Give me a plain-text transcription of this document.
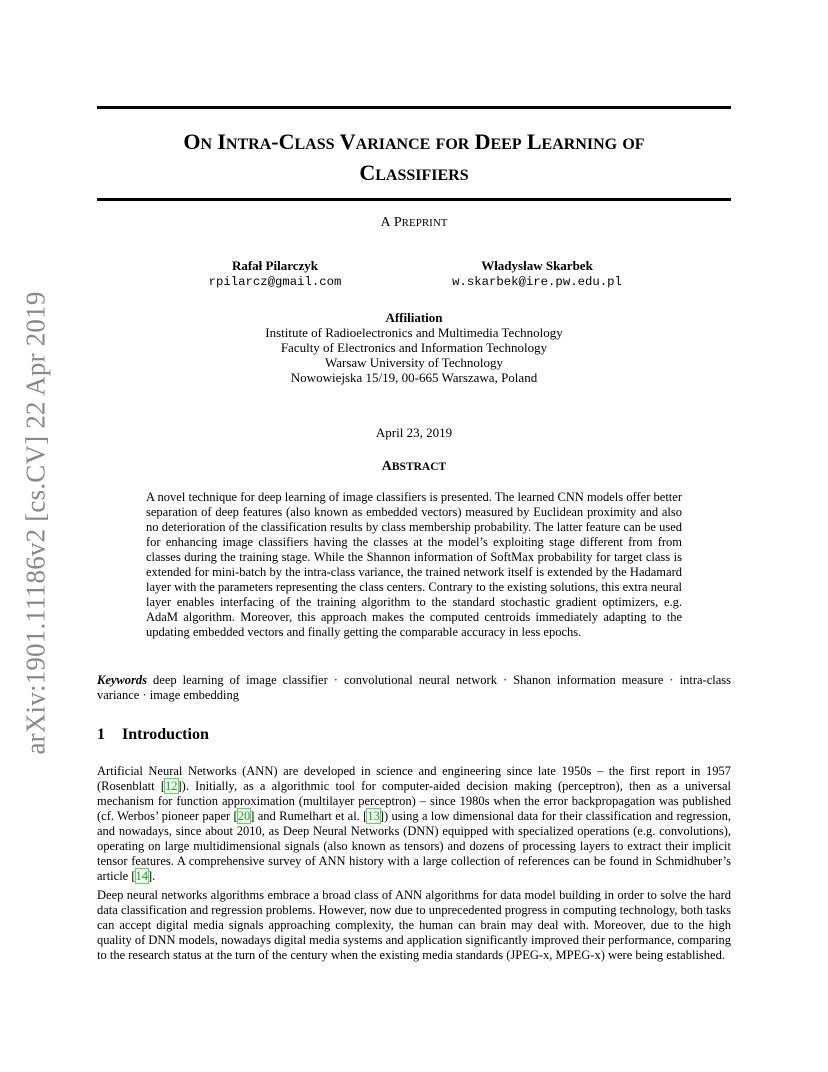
arXiv:1901.11186v2 [cs.CV] 22 Apr 2019

ON INTRA-CLASS VARIANCE FOR DEEP LEARNING OF

CLASSIFIERS

A PREPRINT
Rafał Pilarczyk
rpilarcz@gmail.com
Władysław Skarbek
w.skarbek@ire.pw.edu.pl
Affiliation
Institute of Radioelectronics and Multimedia Technology
Faculty of Electronics and Information Technology
Warsaw University of Technology
Nowowiejska 15/19, 00-665 Warszawa, Poland
April 23, 2019
ABSTRACT

A novel technique for deep learning of image classifiers is presented. The learned CNN models offer better separation of deep features (also known as embedded vectors) measured by Euclidean proximity and also no deterioration of the classification results by class membership probability. The latter feature can be used for enhancing image classifiers having the classes at the model’s exploiting stage different from from classes during the training stage. While the Shannon information of SoftMax probability for target class is extended for mini-batch by the intra-class variance, the trained network itself is extended by the Hadamard layer with the parameters representing the class centers. Contrary to the existing solutions, this extra neural layer enables interfacing of the training algorithm to the standard stochastic gradient optimizers, e.g. AdaM algorithm. Moreover, this approach makes the computed centroids immediately adapting to the updating embedded vectors and finally getting the comparable accuracy in less epochs.

Keywords deep learning of image classifier · convolutional neural network · Shanon information measure · intra-class variance · image embedding

1 Introduction

Artificial Neural Networks (ANN) are developed in science and engineering since late 1950s – the first report in 1957 (Rosenblatt [12]). Initially, as a algorithmic tool for computer-aided decision making (perceptron), then as a universal mechanism for function approximation (multilayer perceptron) – since 1980s when the error backpropagation was published (cf. Werbos’ pioneer paper [20] and Rumelhart et al. [13]) using a low dimensional data for their classification and regression, and nowadays, since about 2010, as Deep Neural Networks (DNN) equipped with specialized operations (e.g. convolutions), operating on large multidimensional signals (also known as tensors) and dozens of processing layers to extract their implicit tensor features. A comprehensive survey of ANN history with a large collection of references can be found in Schmidhuber’s article [14].

Deep neural networks algorithms embrace a broad class of ANN algorithms for data model building in order to solve the hard data classification and regression problems. However, now due to unprecedented progress in computing technology, both tasks can accept digital media signals approaching complexity, the human can brain may deal with. Moreover, due to the high quality of DNN models, nowadays digital media systems and application significantly improved their performance, comparing to the research status at the turn of the century when the existing media standards (JPEG-x, MPEG-x) were being established.
